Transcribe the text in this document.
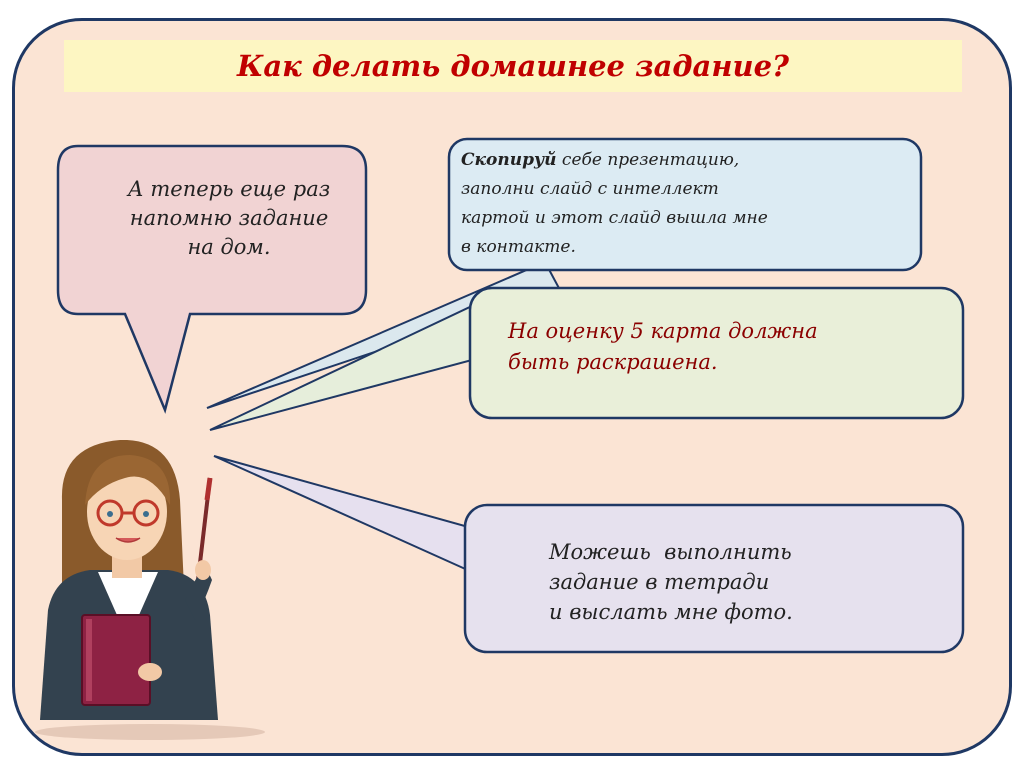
Как делать домашнее задание?
А теперь еще раз
напомню задание
на дом.
Скопируй себе презентацию,
заполни слайд с интеллект
картой и этот слайд вышла мне
в контакте.
На оценку 5 карта должна
быть раскрашена.
Можешь  выполнить
задание в тетради
и выслать мне фото.
